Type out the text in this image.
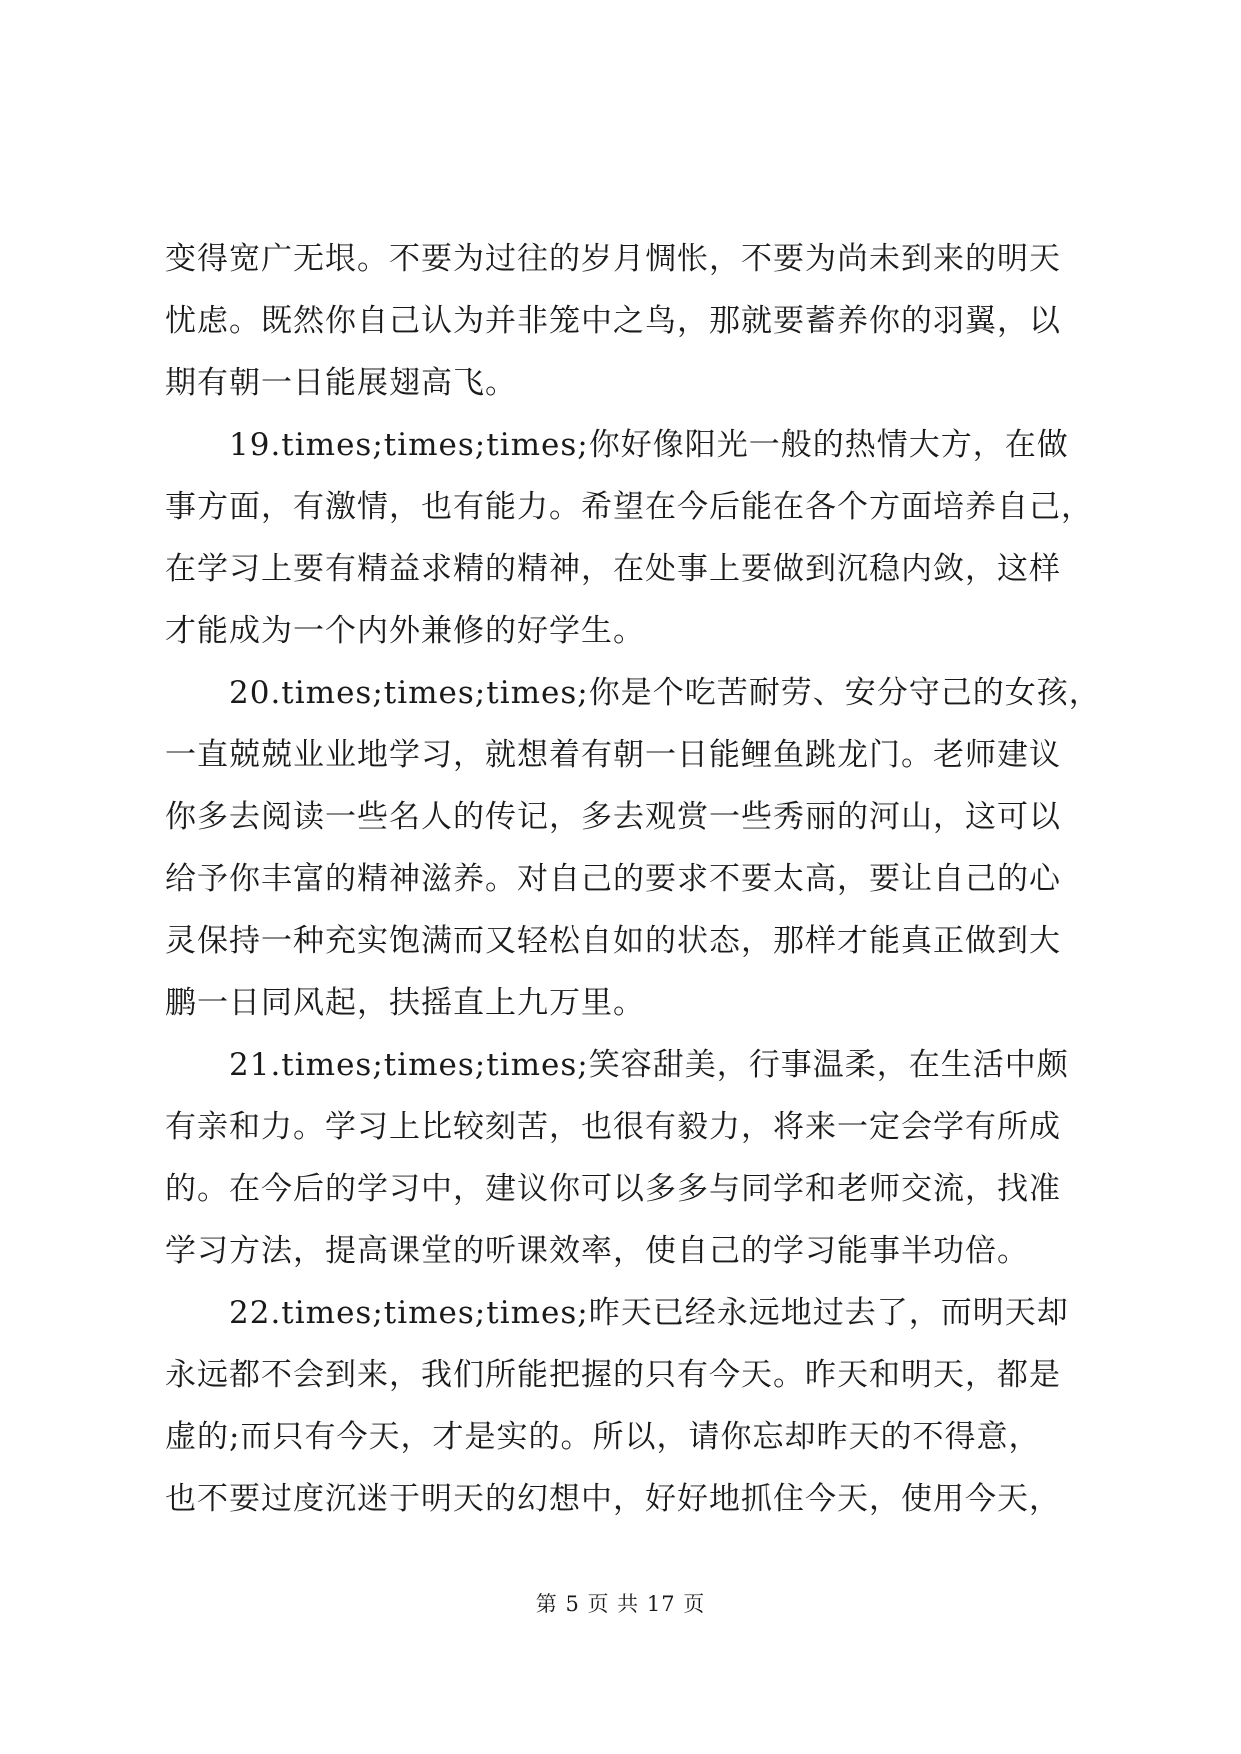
变得宽广无垠。不要为过往的岁月惆怅，不要为尚未到来的明天
忧虑。既然你自己认为并非笼中之鸟，那就要蓄养你的羽翼，以
期有朝一日能展翅高飞。
　　19.times;times;times;你好像阳光一般的热情大方，在做
事方面，有激情，也有能力。希望在今后能在各个方面培养自己，
在学习上要有精益求精的精神，在处事上要做到沉稳内敛，这样
才能成为一个内外兼修的好学生。
　　20.times;times;times;你是个吃苦耐劳、安分守己的女孩，
一直兢兢业业地学习，就想着有朝一日能鲤鱼跳龙门。老师建议
你多去阅读一些名人的传记，多去观赏一些秀丽的河山，这可以
给予你丰富的精神滋养。对自己的要求不要太高，要让自己的心
灵保持一种充实饱满而又轻松自如的状态，那样才能真正做到大
鹏一日同风起，扶摇直上九万里。
　　21.times;times;times;笑容甜美，行事温柔，在生活中颇
有亲和力。学习上比较刻苦，也很有毅力，将来一定会学有所成
的。在今后的学习中，建议你可以多多与同学和老师交流，找准
学习方法，提高课堂的听课效率，使自己的学习能事半功倍。
　　22.times;times;times;昨天已经永远地过去了，而明天却
永远都不会到来，我们所能把握的只有今天。昨天和明天，都是
虚的;而只有今天，才是实的。所以，请你忘却昨天的不得意，
也不要过度沉迷于明天的幻想中，好好地抓住今天，使用今天，
第 5 页 共 17 页
